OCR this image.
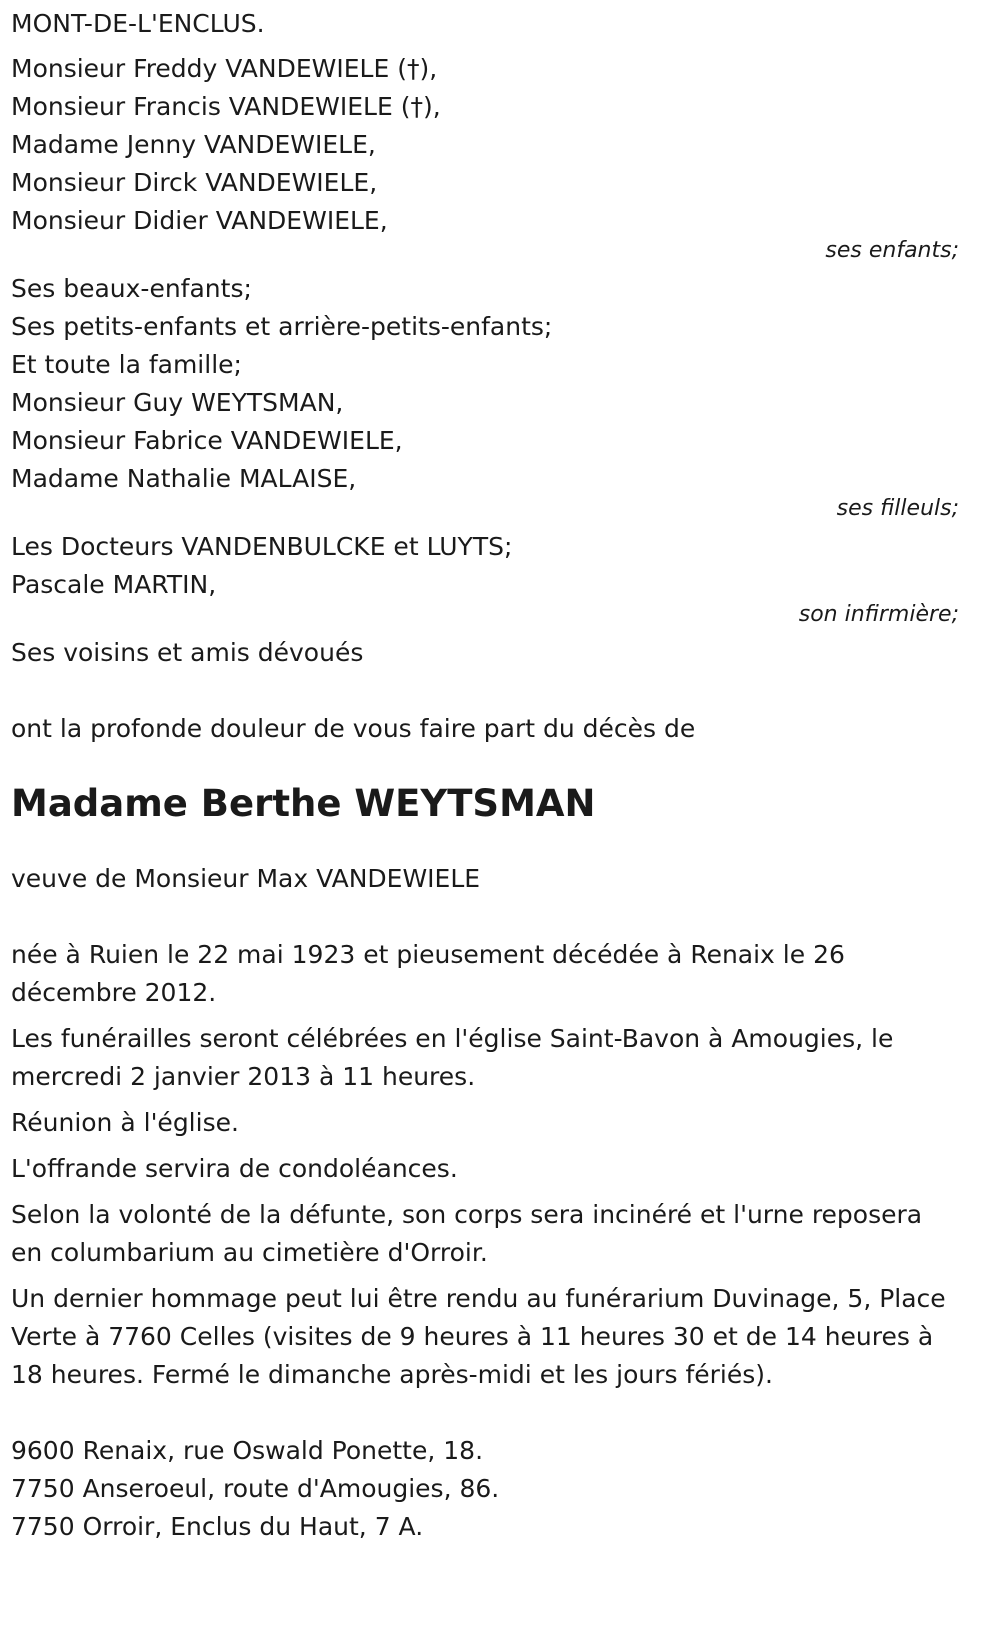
MONT-DE-L'ENCLUS.
Monsieur Freddy VANDEWIELE (†),
Monsieur Francis VANDEWIELE (†),
Madame Jenny VANDEWIELE,
Monsieur Dirck VANDEWIELE,
Monsieur Didier VANDEWIELE,
ses enfants;
Ses beaux-enfants;
Ses petits-enfants et arrière-petits-enfants;
Et toute la famille;
Monsieur Guy WEYTSMAN,
Monsieur Fabrice VANDEWIELE,
Madame Nathalie MALAISE,
ses filleuls;
Les Docteurs VANDENBULCKE et LUYTS;
Pascale MARTIN,
son infirmière;
Ses voisins et amis dévoués
ont la profonde douleur de vous faire part du décès de
Madame Berthe WEYTSMAN
veuve de Monsieur Max VANDEWIELE
née à Ruien le 22 mai 1923 et pieusement décédée à Renaix le 26 décembre 2012.
Les funérailles seront célébrées en l'église Saint-Bavon à Amougies, le mercredi 2 janvier 2013 à 11 heures.
Réunion à l'église.
L'offrande servira de condoléances.
Selon la volonté de la défunte, son corps sera incinéré et l'urne reposera en columbarium au cimetière d'Orroir.
Un dernier hommage peut lui être rendu au funérarium Duvinage, 5, Place Verte à 7760 Celles (visites de 9 heures à 11 heures 30 et de 14 heures à 18 heures. Fermé le dimanche après-midi et les jours fériés).
9600 Renaix, rue Oswald Ponette, 18.
7750 Anseroeul, route d'Amougies, 86.
7750 Orroir, Enclus du Haut, 7 A.
